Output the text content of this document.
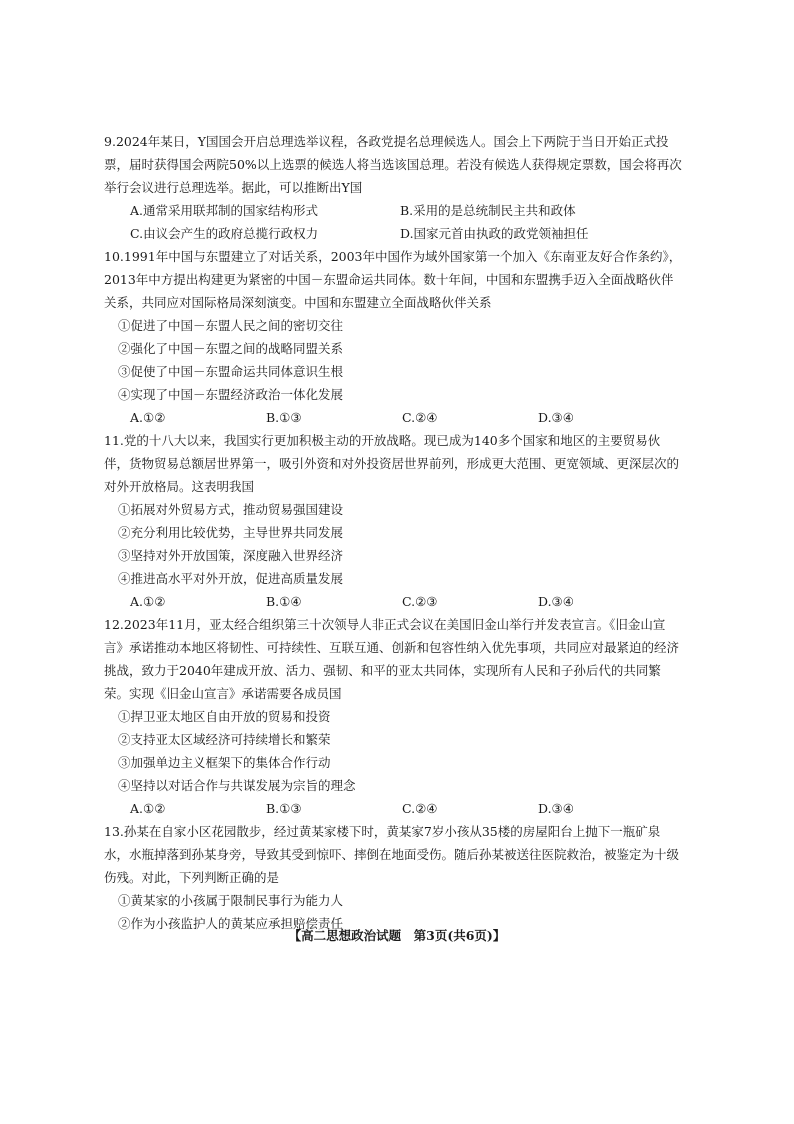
9.2024年某日，Y国国会开启总理选举议程，各政党提名总理候选人。国会上下两院于当日开始正式投票，届时获得国会两院50%以上选票的候选人将当选该国总理。若没有候选人获得规定票数，国会将再次举行会议进行总理选举。据此，可以推断出Y国
A.通常采用联邦制的国家结构形式	B.采用的是总统制民主共和政体
C.由议会产生的政府总揽行政权力	D.国家元首由执政的政党领袖担任
10.1991年中国与东盟建立了对话关系，2003年中国作为域外国家第一个加入《东南亚友好合作条约》，2013年中方提出构建更为紧密的中国－东盟命运共同体。数十年间，中国和东盟携手迈入全面战略伙伴关系，共同应对国际格局深刻演变。中国和东盟建立全面战略伙伴关系
①促进了中国－东盟人民之间的密切交往
②强化了中国－东盟之间的战略同盟关系
③促使了中国－东盟命运共同体意识生根
④实现了中国－东盟经济政治一体化发展
A.①②	B.①③	C.②④	D.③④
11.党的十八大以来，我国实行更加积极主动的开放战略。现已成为140多个国家和地区的主要贸易伙伴，货物贸易总额居世界第一，吸引外资和对外投资居世界前列，形成更大范围、更宽领域、更深层次的对外开放格局。这表明我国
①拓展对外贸易方式，推动贸易强国建设
②充分利用比较优势，主导世界共同发展
③坚持对外开放国策，深度融入世界经济
④推进高水平对外开放，促进高质量发展
A.①②	B.①④	C.②③	D.③④
12.2023年11月，亚太经合组织第三十次领导人非正式会议在美国旧金山举行并发表宣言。《旧金山宣言》承诺推动本地区将韧性、可持续性、互联互通、创新和包容性纳入优先事项，共同应对最紧迫的经济挑战，致力于2040年建成开放、活力、强韧、和平的亚太共同体，实现所有人民和子孙后代的共同繁荣。实现《旧金山宣言》承诺需要各成员国
①捍卫亚太地区自由开放的贸易和投资
②支持亚太区域经济可持续增长和繁荣
③加强单边主义框架下的集体合作行动
④坚持以对话合作与共谋发展为宗旨的理念
A.①②	B.①③	C.②④	D.③④
13.孙某在自家小区花园散步，经过黄某家楼下时，黄某家7岁小孩从35楼的房屋阳台上抛下一瓶矿泉水，水瓶掉落到孙某身旁，导致其受到惊吓、摔倒在地面受伤。随后孙某被送往医院救治，被鉴定为十级伤残。对此，下列判断正确的是
①黄某家的小孩属于限制民事行为能力人
②作为小孩监护人的黄某应承担赔偿责任
【高二思想政治试题　第3页(共6页)】
